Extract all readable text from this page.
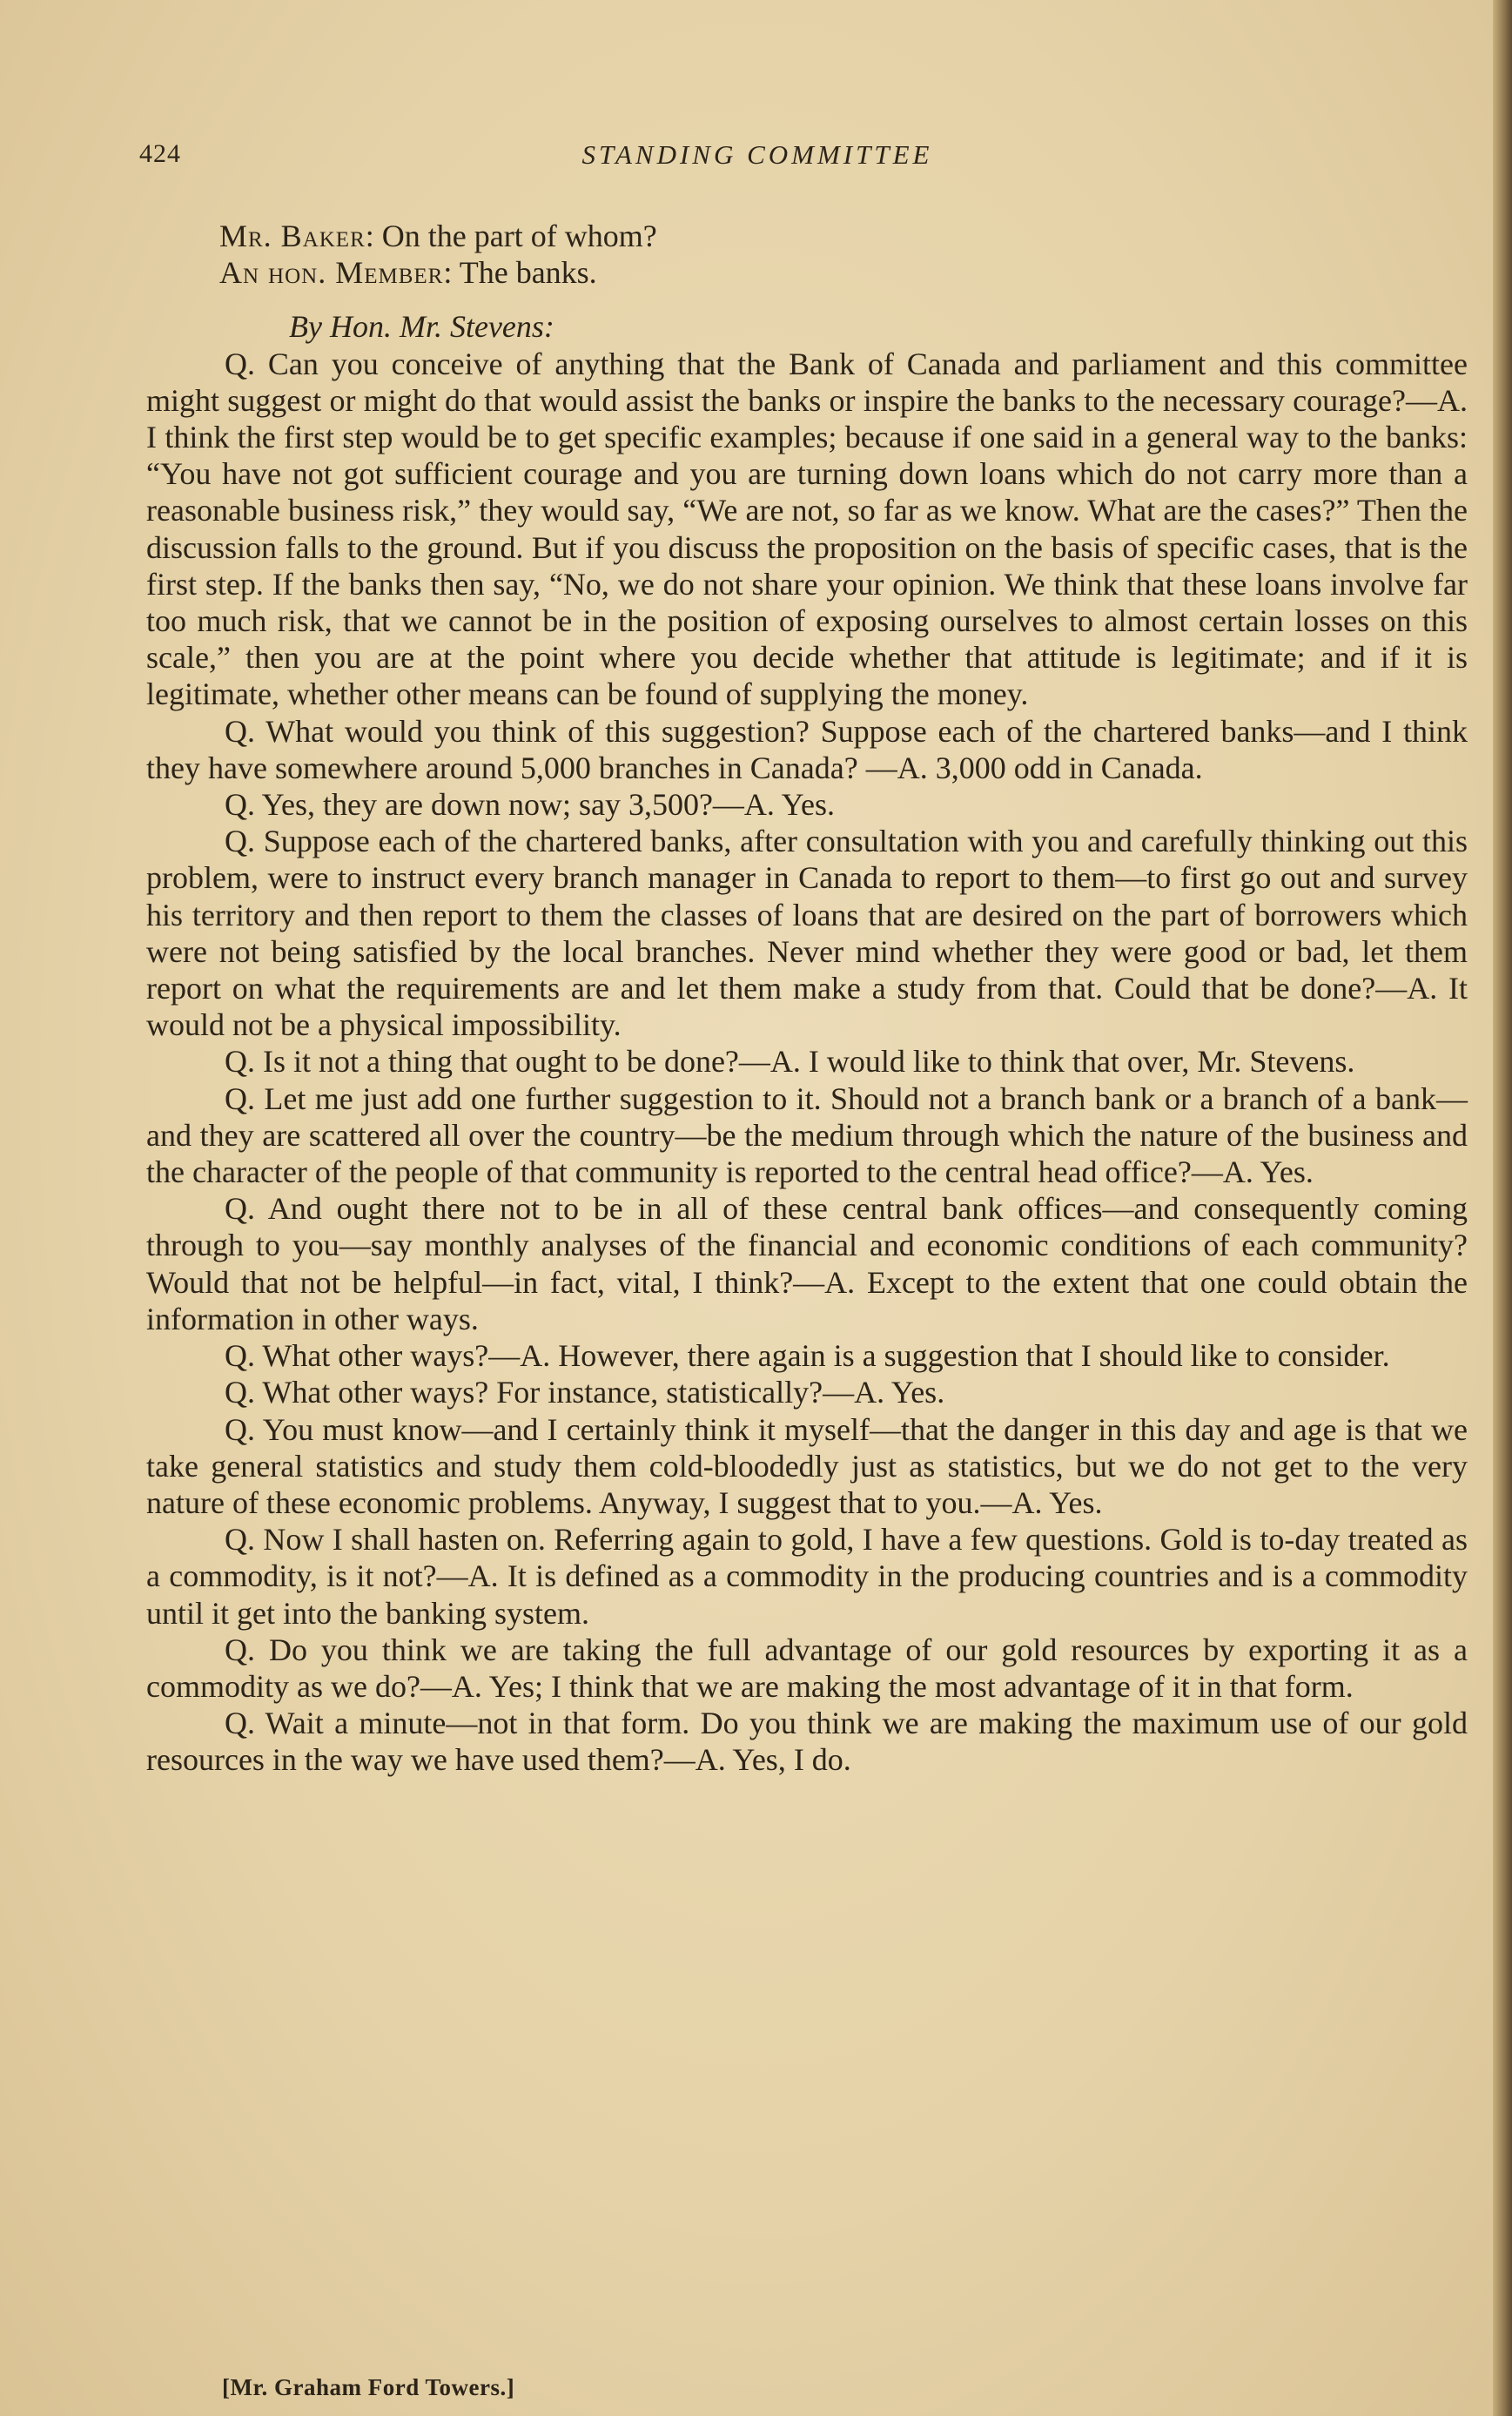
424	STANDING COMMITTEE

Mr. Baker: On the part of whom?

An hon. Member: The banks.

By Hon. Mr. Stevens:

Q. Can you conceive of anything that the Bank of Canada and parliament and this committee might suggest or might do that would assist the banks or inspire the banks to the necessary courage?—A. I think the first step would be to get specific examples; because if one said in a general way to the banks: “You have not got sufficient courage and you are turning down loans which do not carry more than a reasonable business risk,” they would say, “We are not, so far as we know. What are the cases?” Then the discussion falls to the ground. But if you discuss the proposition on the basis of specific cases, that is the first step. If the banks then say, “No, we do not share your opinion. We think that these loans involve far too much risk, that we cannot be in the position of exposing ourselves to almost certain losses on this scale,” then you are at the point where you decide whether that attitude is legitimate; and if it is legitimate, whether other means can be found of supplying the money.

Q. What would you think of this suggestion? Suppose each of the chartered banks—and I think they have somewhere around 5,000 branches in Canada? —A. 3,000 odd in Canada.

Q. Yes, they are down now; say 3,500?—A. Yes.

Q. Suppose each of the chartered banks, after consultation with you and carefully thinking out this problem, were to instruct every branch manager in Canada to report to them—to first go out and survey his territory and then report to them the classes of loans that are desired on the part of borrowers which were not being satisfied by the local branches. Never mind whether they were good or bad, let them report on what the requirements are and let them make a study from that. Could that be done?—A. It would not be a physical impossibility.

Q. Is it not a thing that ought to be done?—A. I would like to think that over, Mr. Stevens.

Q. Let me just add one further suggestion to it. Should not a branch bank or a branch of a bank—and they are scattered all over the country—be the medium through which the nature of the business and the character of the people of that community is reported to the central head office?—A. Yes.

Q. And ought there not to be in all of these central bank offices—and consequently coming through to you—say monthly analyses of the financial and economic conditions of each community? Would that not be helpful—in fact, vital, I think?—A. Except to the extent that one could obtain the information in other ways.

Q. What other ways?—A. However, there again is a suggestion that I should like to consider.

Q. What other ways? For instance, statistically?—A. Yes.

Q. You must know—and I certainly think it myself—that the danger in this day and age is that we take general statistics and study them cold-bloodedly just as statistics, but we do not get to the very nature of these economic problems. Anyway, I suggest that to you.—A. Yes.

Q. Now I shall hasten on. Referring again to gold, I have a few questions. Gold is to-day treated as a commodity, is it not?—A. It is defined as a commodity in the producing countries and is a commodity until it get into the banking system.

Q. Do you think we are taking the full advantage of our gold resources by exporting it as a commodity as we do?—A. Yes; I think that we are making the most advantage of it in that form.

Q. Wait a minute—not in that form. Do you think we are making the maximum use of our gold resources in the way we have used them?—A. Yes, I do.

[Mr. Graham Ford Towers.]
